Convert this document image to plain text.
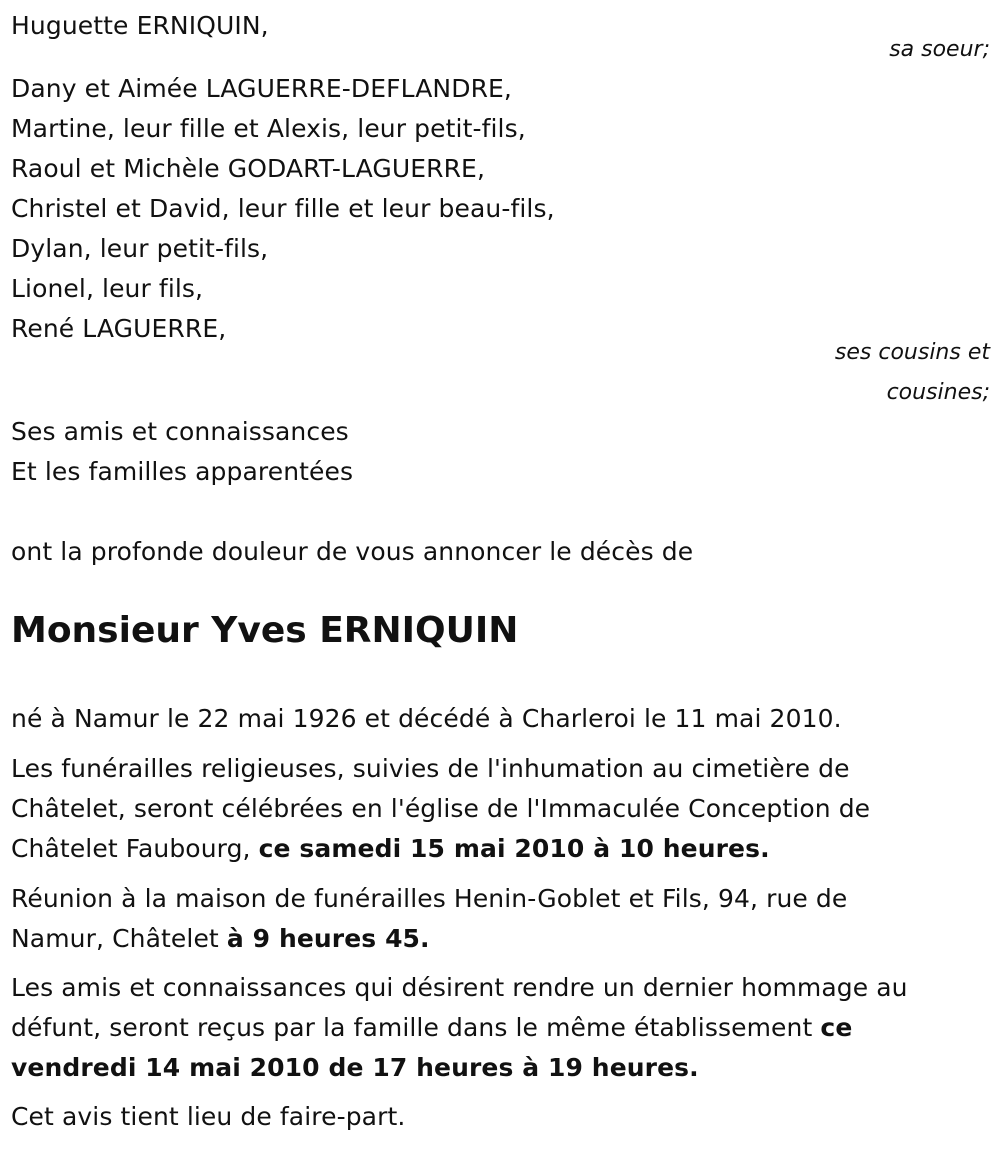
Huguette ERNIQUIN,
sa soeur;
Dany et Aimée LAGUERRE-DEFLANDRE,
Martine, leur fille et Alexis, leur petit-fils,
Raoul et Michèle GODART-LAGUERRE,
Christel et David, leur fille et leur beau-fils,
Dylan, leur petit-fils,
Lionel, leur fils,
René LAGUERRE,
ses cousins et
cousines;
Ses amis et connaissances
Et les familles apparentées
ont la profonde douleur de vous annoncer le décès de
Monsieur Yves ERNIQUIN
né à Namur le 22 mai 1926 et décédé à Charleroi le 11 mai 2010.
Les funérailles religieuses, suivies de l'inhumation au cimetière de
Châtelet, seront célébrées en l'église de l'Immaculée Conception de
Châtelet Faubourg, ce samedi 15 mai 2010 à 10 heures.
Réunion à la maison de funérailles Henin-Goblet et Fils, 94, rue de
Namur, Châtelet à 9 heures 45.
Les amis et connaissances qui désirent rendre un dernier hommage au
défunt, seront reçus par la famille dans le même établissement ce
vendredi 14 mai 2010 de 17 heures à 19 heures.
Cet avis tient lieu de faire-part.
